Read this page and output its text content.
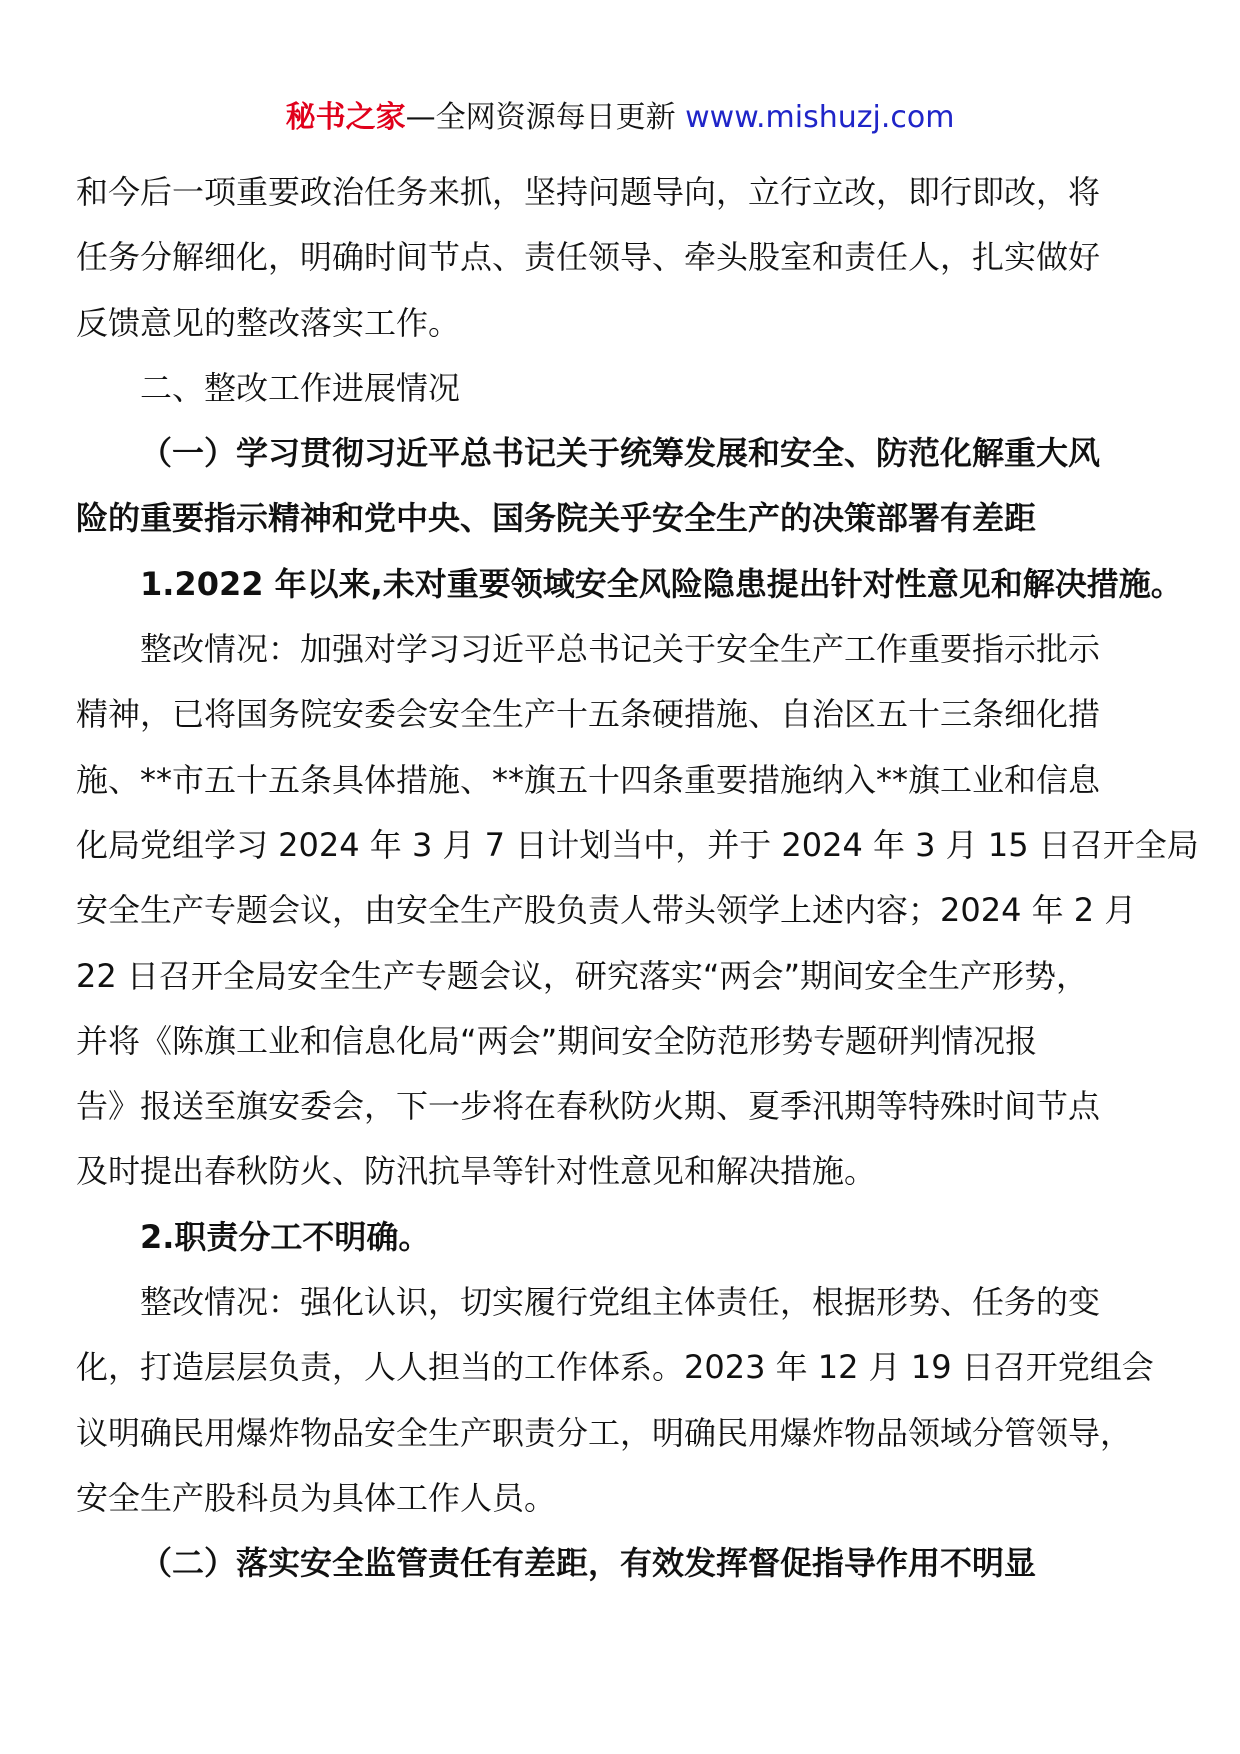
秘书之家—全网资源每日更新 www.mishuzj.com
和今后一项重要政治任务来抓，坚持问题导向，立行立改，即行即改，将
任务分解细化，明确时间节点、责任领导、牵头股室和责任人，扎实做好
反馈意见的整改落实工作。
二、整改工作进展情况
（一）学习贯彻习近平总书记关于统筹发展和安全、防范化解重大风
险的重要指示精神和党中央、国务院关乎安全生产的决策部署有差距
1.2022 年以来,未对重要领域安全风险隐患提出针对性意见和解决措施。
整改情况：加强对学习习近平总书记关于安全生产工作重要指示批示
精神，已将国务院安委会安全生产十五条硬措施、自治区五十三条细化措
施、**市五十五条具体措施、**旗五十四条重要措施纳入**旗工业和信息
化局党组学习 2024 年 3 月 7 日计划当中，并于 2024 年 3 月 15 日召开全局
安全生产专题会议，由安全生产股负责人带头领学上述内容；2024 年 2 月
22 日召开全局安全生产专题会议，研究落实“两会”期间安全生产形势，
并将《陈旗工业和信息化局“两会”期间安全防范形势专题研判情况报
告》报送至旗安委会，下一步将在春秋防火期、夏季汛期等特殊时间节点
及时提出春秋防火、防汛抗旱等针对性意见和解决措施。
2.职责分工不明确。
整改情况：强化认识，切实履行党组主体责任，根据形势、任务的变
化，打造层层负责，人人担当的工作体系。2023 年 12 月 19 日召开党组会
议明确民用爆炸物品安全生产职责分工，明确民用爆炸物品领域分管领导，
安全生产股科员为具体工作人员。
（二）落实安全监管责任有差距，有效发挥督促指导作用不明显
